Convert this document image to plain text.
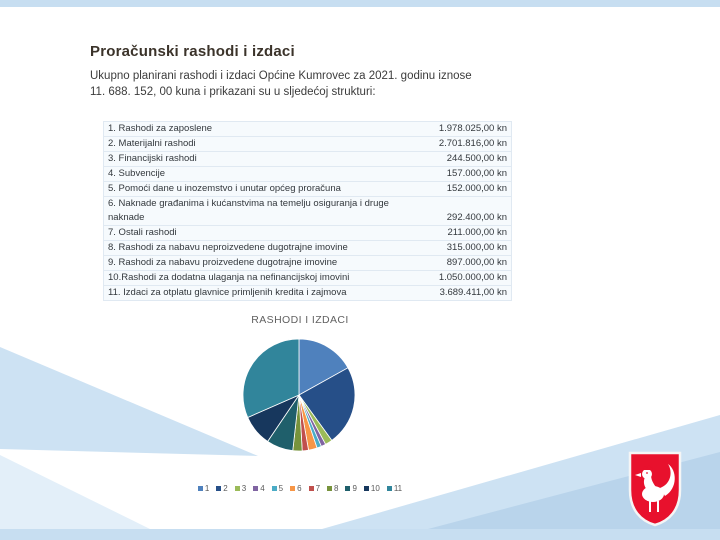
Proračunski rashodi i izdaci
Ukupno planirani rashodi i izdaci Općine Kumrovec za 2021. godinu iznose
11. 688. 152, 00 kuna i prikazani su u sljedećoj strukturi:
1. Rashodi za zaposlene	1.978.025,00 kn
2. Materijalni rashodi	2.701.816,00 kn
3. Financijski rashodi	244.500,00 kn
4. Subvencije	157.000,00 kn
5. Pomoći dane u inozemstvo i unutar općeg proračuna	152.000,00 kn
6. Naknade građanima i kućanstvima na temelju osiguranja i druge naknade	292.400,00 kn
7. Ostali rashodi	211.000,00 kn
8. Rashodi za nabavu neproizvedene dugotrajne imovine	315.000,00 kn
9. Rashodi za nabavu proizvedene dugotrajne imovine	897.000,00 kn
10.Rashodi za dodatna ulaganja na nefinancijskoj imovini	1.050.000,00 kn
11. Izdaci za otplatu glavnice primljenih kredita i zajmova	3.689.411,00 kn
RASHODI I IZDACI
1 2 3 4 5 6 7 8 9 10 11
